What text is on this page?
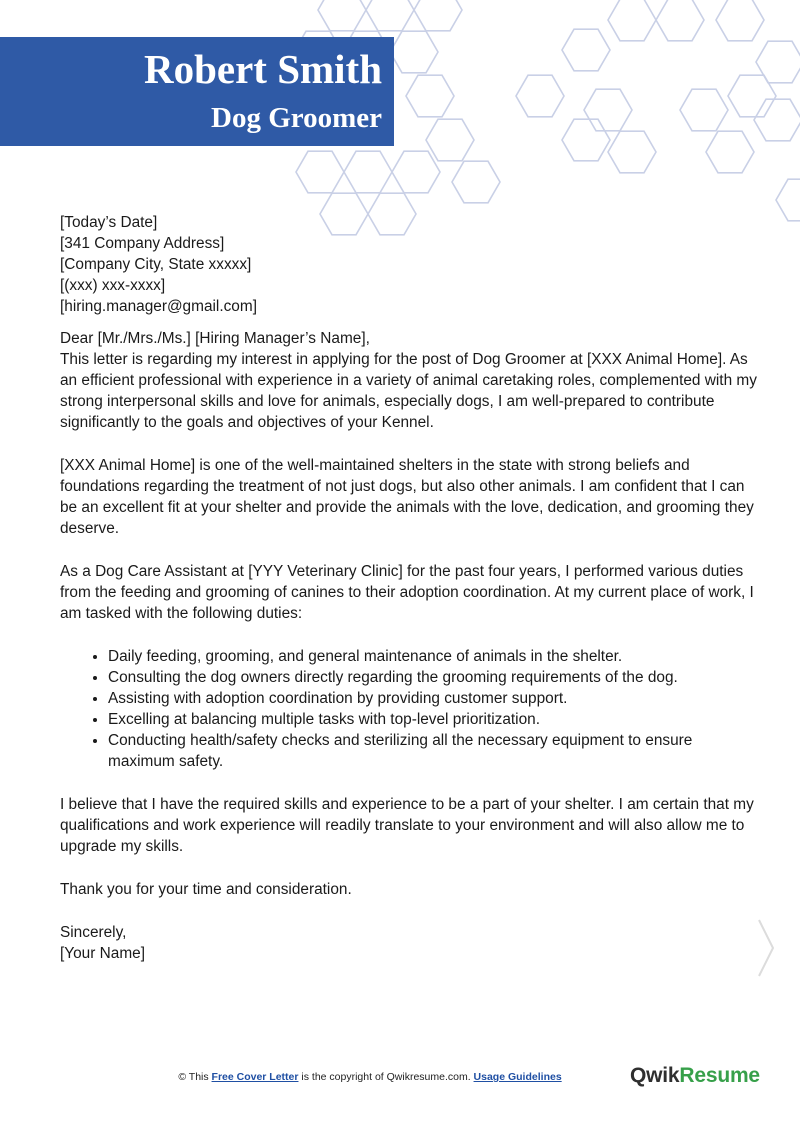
Robert Smith
Dog Groomer

[Today’s Date]

[341 Company Address]

[Company City, State xxxxx]

[(xxx) xxx-xxxx]

[hiring.manager@gmail.com]

Dear [Mr./Mrs./Ms.] [Hiring Manager’s Name],

This letter is regarding my interest in applying for the post of Dog Groomer at [XXX Animal Home]. As an efficient professional with experience in a variety of animal caretaking roles, complemented with my strong interpersonal skills and love for animals, especially dogs, I am well-prepared to contribute significantly to the goals and objectives of your Kennel.

[XXX Animal Home] is one of the well-maintained shelters in the state with strong beliefs and foundations regarding the treatment of not just dogs, but also other animals. I am confident that I can be an excellent fit at your shelter and provide the animals with the love, dedication, and grooming they deserve.

As a Dog Care Assistant at [YYY Veterinary Clinic] for the past four years, I performed various duties from the feeding and grooming of canines to their adoption coordination. At my current place of work, I am tasked with the following duties:

• Daily feeding, grooming, and general maintenance of animals in the shelter.
• Consulting the dog owners directly regarding the grooming requirements of the dog.
• Assisting with adoption coordination by providing customer support.
• Excelling at balancing multiple tasks with top-level prioritization.
• Conducting health/safety checks and sterilizing all the necessary equipment to ensure maximum safety.

I believe that I have the required skills and experience to be a part of your shelter. I am certain that my qualifications and work experience will readily translate to your environment and will also allow me to upgrade my skills.

Thank you for your time and consideration.

Sincerely,

[Your Name]

© This Free Cover Letter is the copyright of Qwikresume.com. Usage Guidelines	QwikResume
